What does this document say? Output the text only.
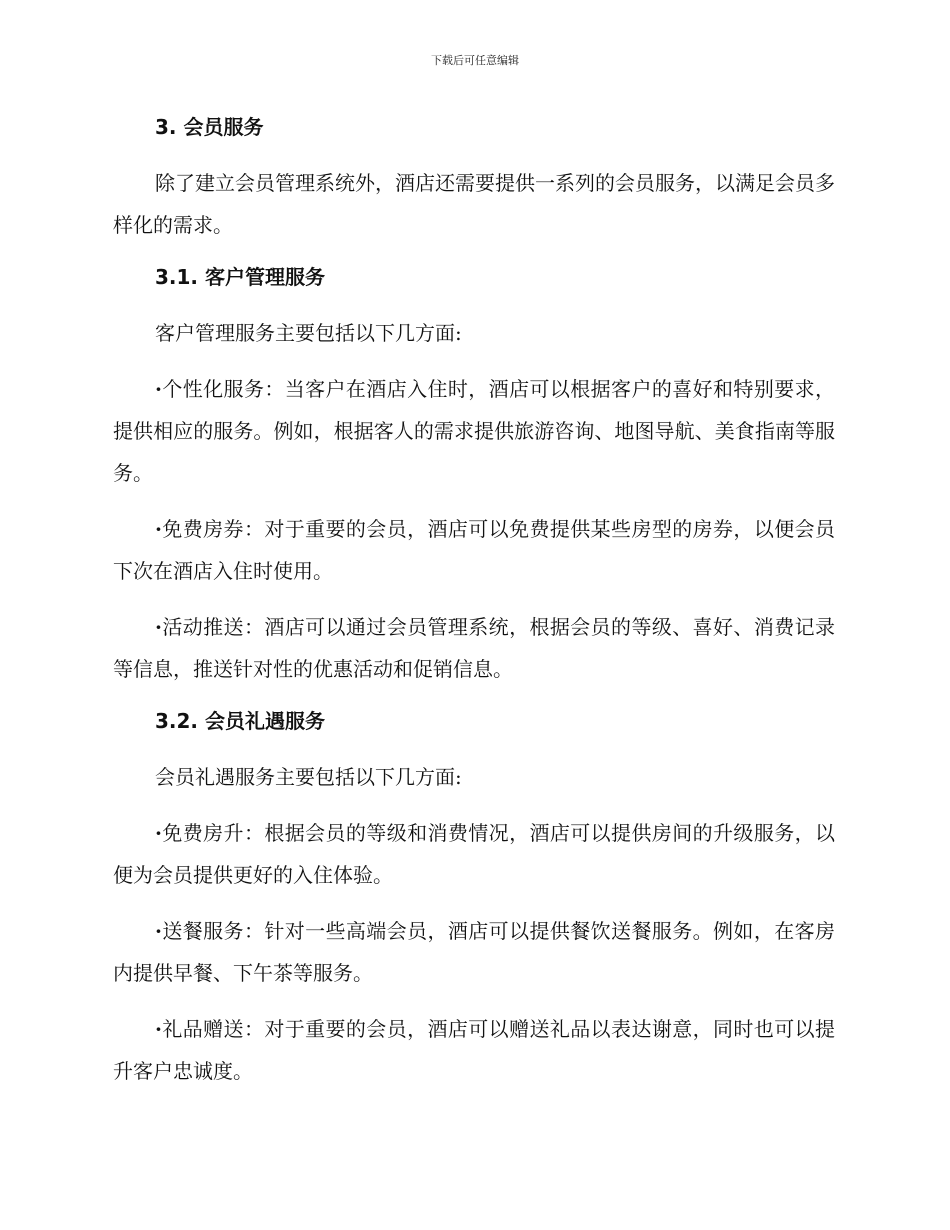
下载后可任意编辑
3. 会员服务

除了建立会员管理系统外，酒店还需要提供一系列的会员服务，以满足会员多样化的需求。

3.1. 客户管理服务

客户管理服务主要包括以下几方面:

·个性化服务：当客户在酒店入住时，酒店可以根据客户的喜好和特别要求，提供相应的服务。例如，根据客人的需求提供旅游咨询、地图导航、美食指南等服务。

·免费房券：对于重要的会员，酒店可以免费提供某些房型的房券，以便会员下次在酒店入住时使用。

·活动推送：酒店可以通过会员管理系统，根据会员的等级、喜好、消费记录等信息，推送针对性的优惠活动和促销信息。

3.2. 会员礼遇服务

会员礼遇服务主要包括以下几方面:

·免费房升：根据会员的等级和消费情况，酒店可以提供房间的升级服务，以便为会员提供更好的入住体验。

·送餐服务：针对一些高端会员，酒店可以提供餐饮送餐服务。例如，在客房内提供早餐、下午茶等服务。

·礼品赠送：对于重要的会员，酒店可以赠送礼品以表达谢意，同时也可以提升客户忠诚度。
